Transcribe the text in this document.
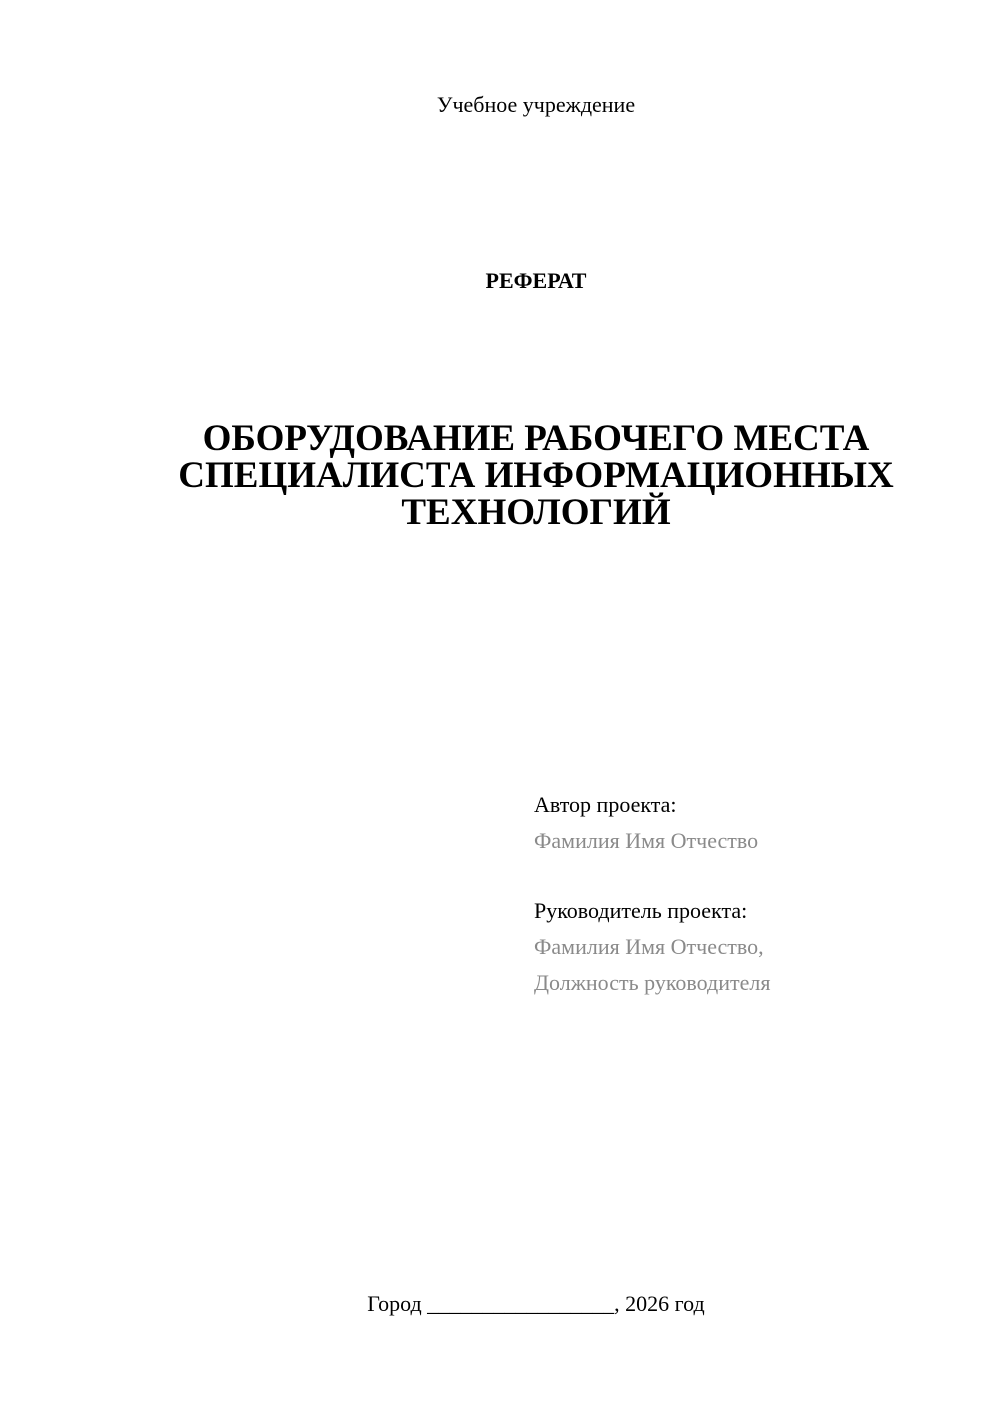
Учебное учреждение
РЕФЕРАТ
ОБОРУДОВАНИЕ РАБОЧЕГО МЕСТА
СПЕЦИАЛИСТА ИНФОРМАЦИОННЫХ
ТЕХНОЛОГИЙ
Автор проекта:
Фамилия Имя Отчество
Руководитель проекта:
Фамилия Имя Отчество,
Должность руководителя
Город _________________, 2026 год
